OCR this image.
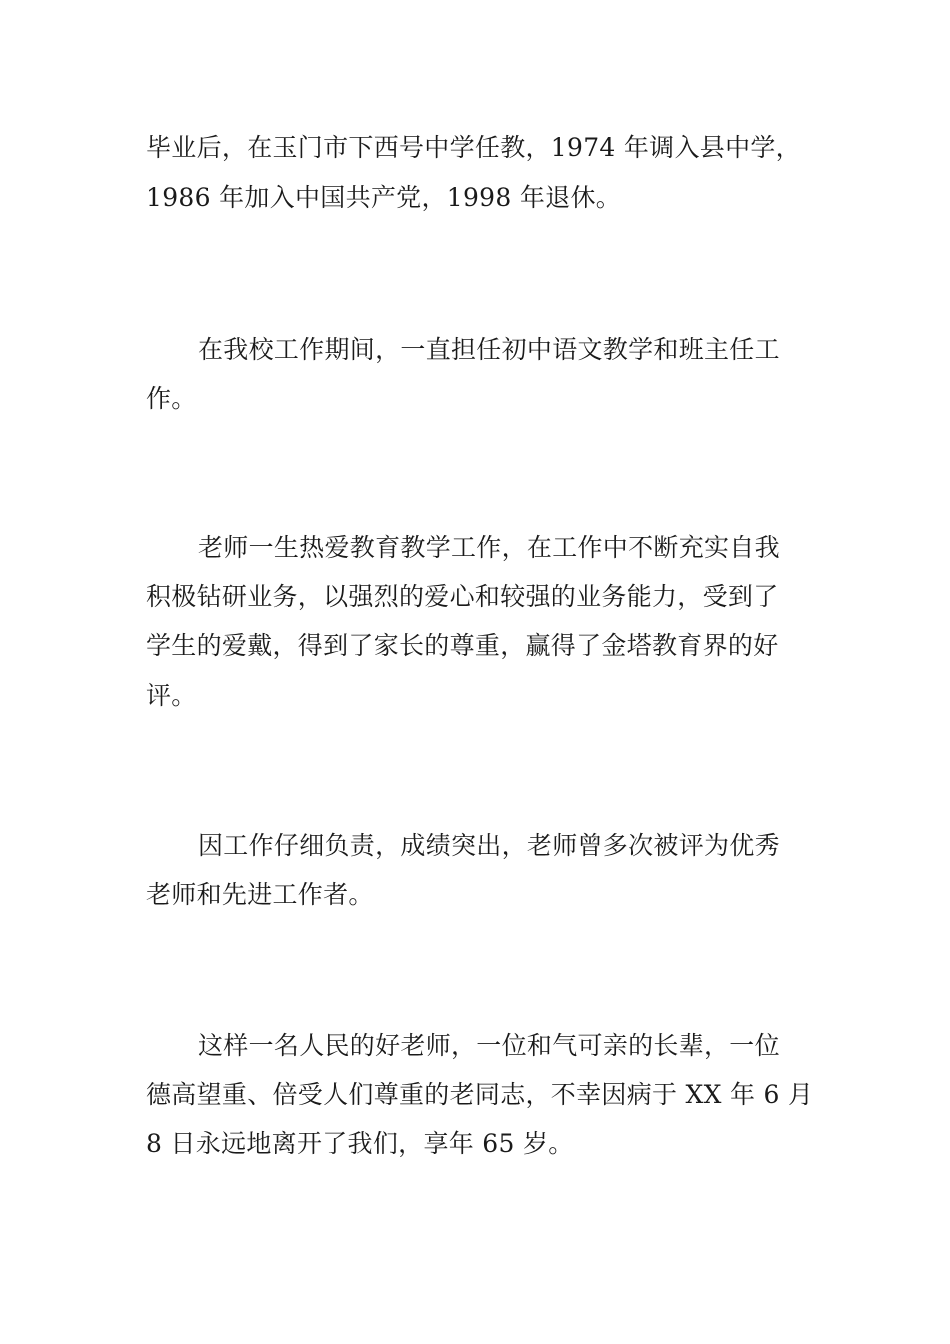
毕业后，在玉门市下西号中学任教，1974 年调入县中学，

1986 年加入中国共产党，1998 年退休。

在我校工作期间，一直担任初中语文教学和班主任工

作。

老师一生热爱教育教学工作，在工作中不断充实自我

积极钻研业务，以强烈的爱心和较强的业务能力，受到了

学生的爱戴，得到了家长的尊重，赢得了金塔教育界的好

评。

因工作仔细负责，成绩突出，老师曾多次被评为优秀

老师和先进工作者。

这样一名人民的好老师，一位和气可亲的长辈，一位

德高望重、倍受人们尊重的老同志，不幸因病于 XX 年 6 月

8 日永远地离开了我们，享年 65 岁。
